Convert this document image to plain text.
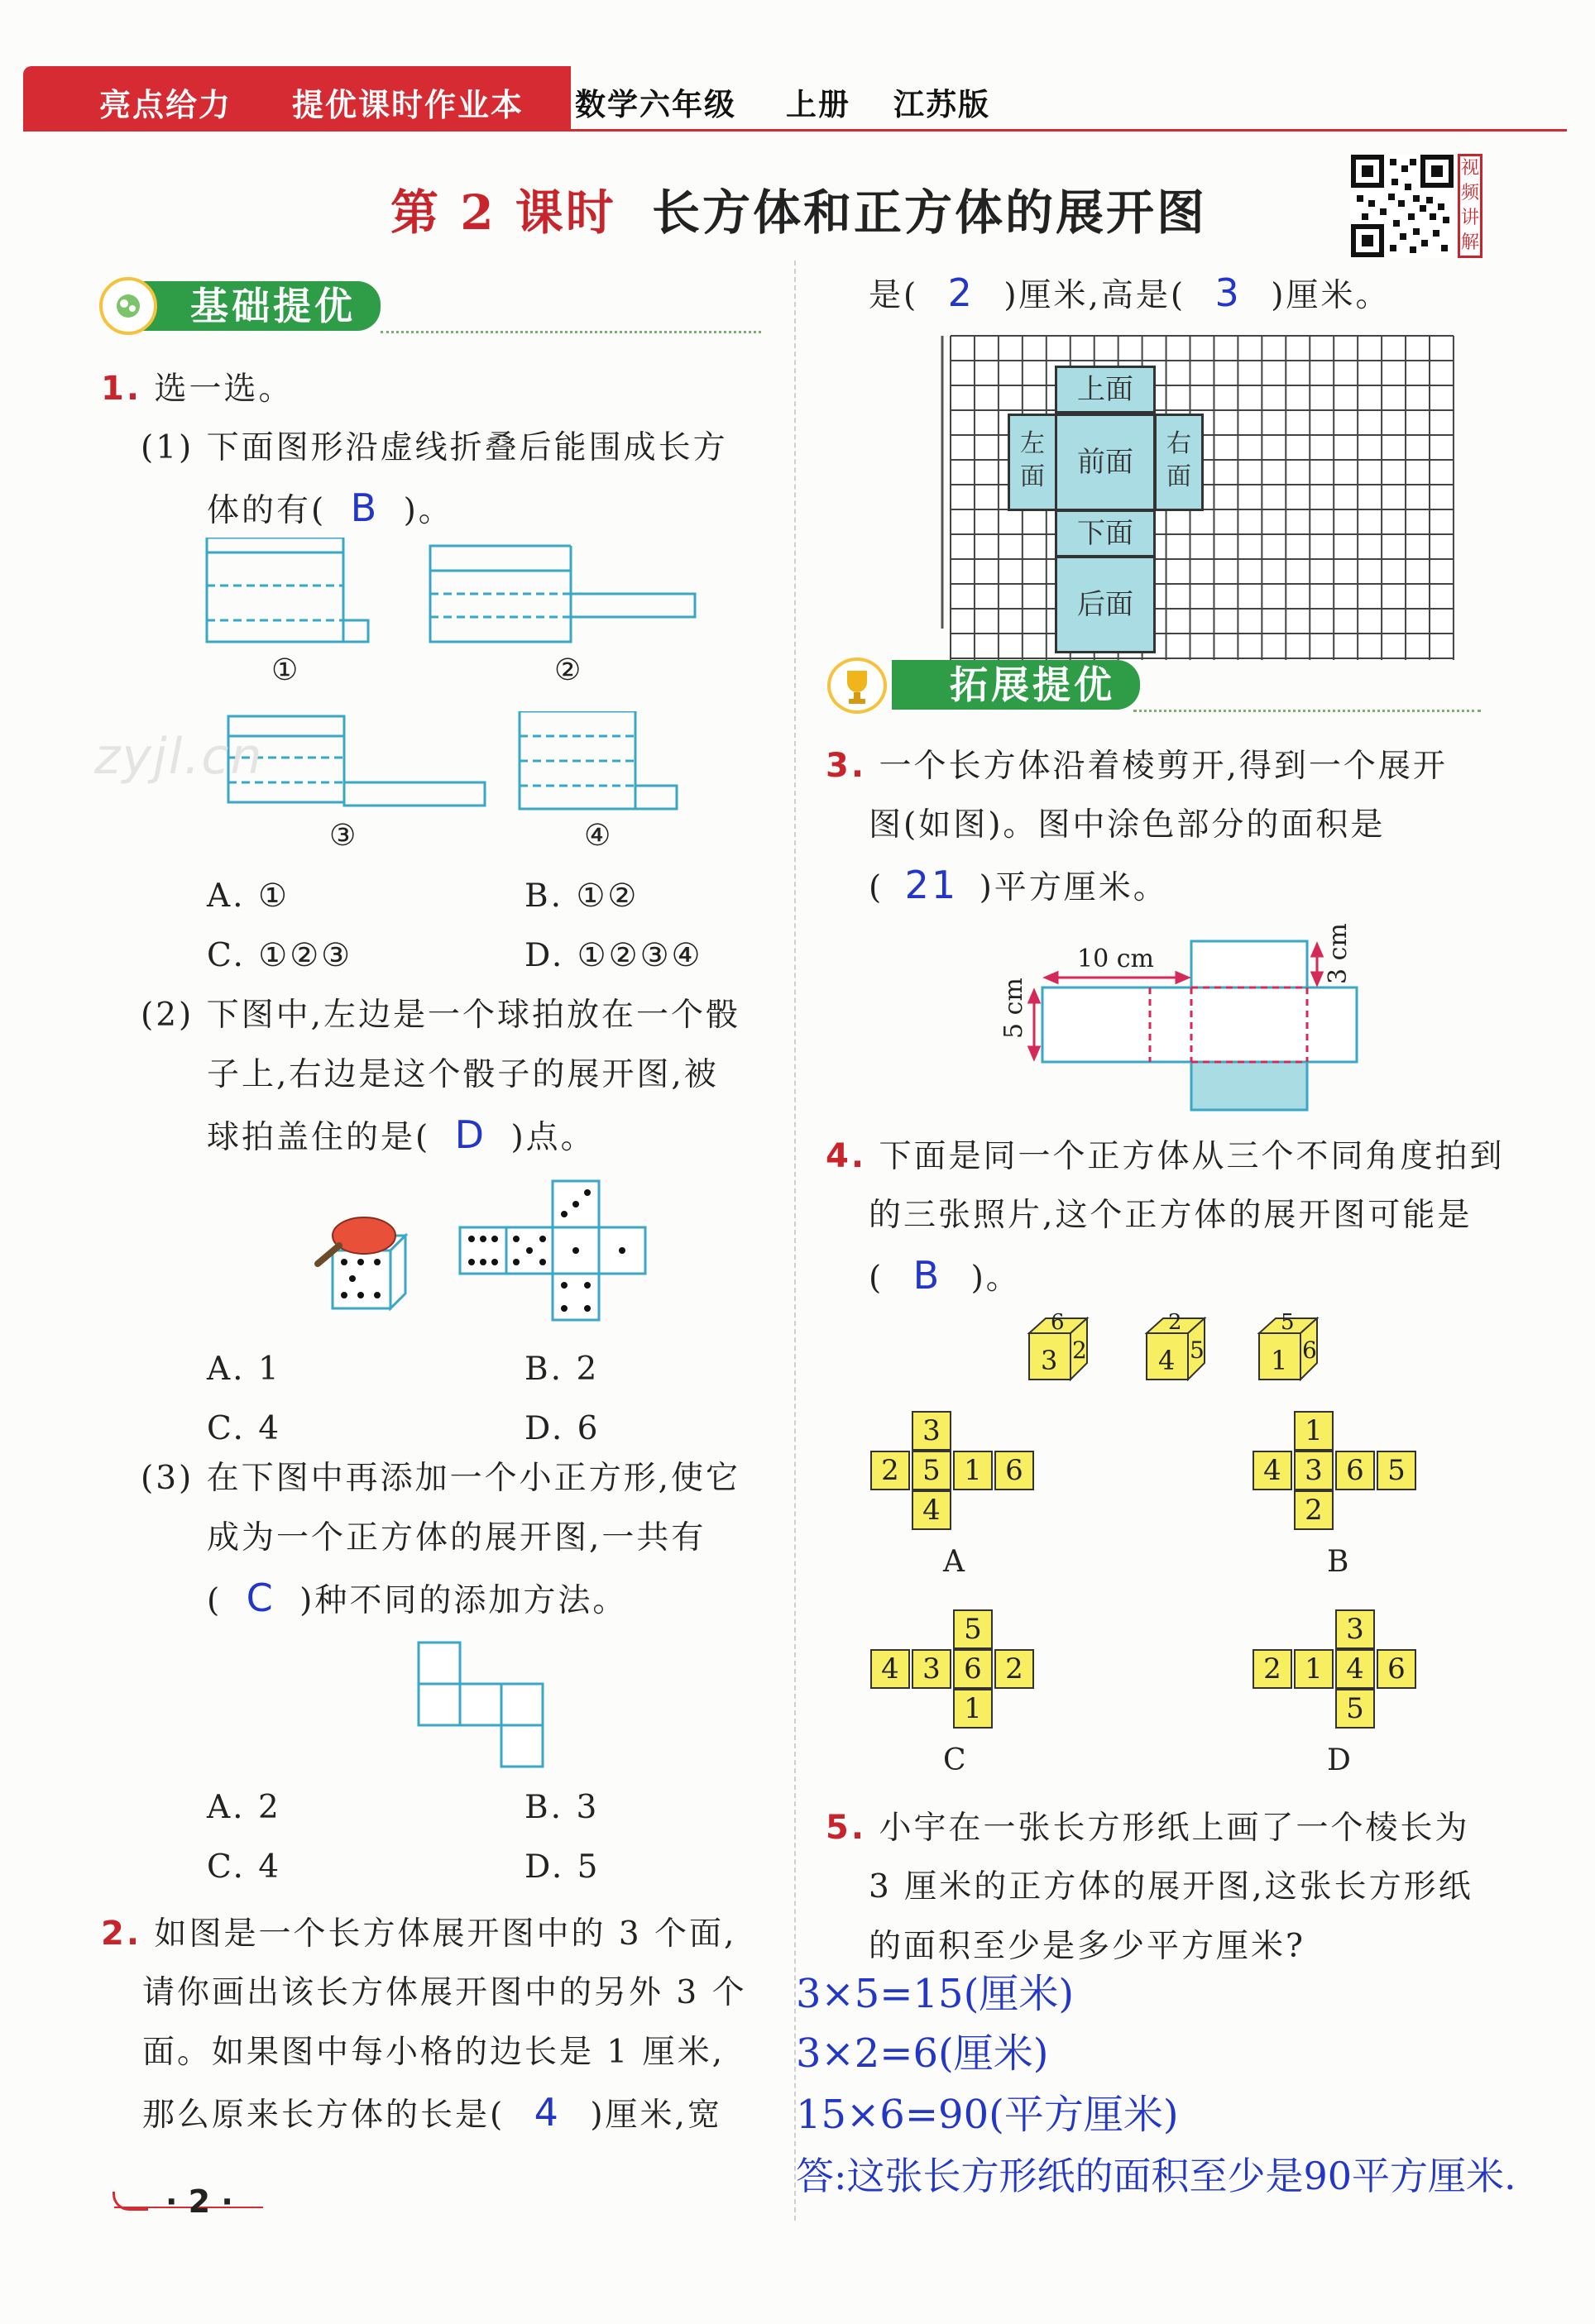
亮点给力 提优课时作业本 数学六年级 上册 江苏版
第 2 课时 长方体和正方体的展开图
视频讲解
基础提优
1. 选一选。
(1) 下面图形沿虚线折叠后能围成长方
体的有( B )。
①	②
zyjl.cn
③	④
A. ①	B. ①②
C. ①②③	D. ①②③④
(2) 下图中,左边是一个球拍放在一个骰
子上,右边是这个骰子的展开图,被
球拍盖住的是( D )点。
A. 1	B. 2
C. 4	D. 6
(3) 在下图中再添加一个小正方形,使它
成为一个正方体的展开图,一共有
( C )种不同的添加方法。
A. 2	B. 3
C. 4	D. 5
2. 如图是一个长方体展开图中的 3 个面,
请你画出该长方体展开图中的另外 3 个
面。如果图中每小格的边长是 1 厘米,
那么原来长方体的长是( 4 )厘米,宽
· 2 ·
是( 2 )厘米,高是( 3 )厘米。
上面
左面	前面
右面
下面
后面
拓展提优
3. 一个长方体沿着棱剪开,得到一个展开
图(如图)。图中涂色部分的面积是
( 21 )平方厘米。
10 cm
5 cm
3 cm
4. 下面是同一个正方体从三个不同角度拍到
的三张照片,这个正方体的展开图可能是
( B )。
6
3 2
2
4 5
5
1 6
3
2 5 1 6
4
A
1
4 3 6 5
2
B
5
4 3 6 2
1
C
3
2 1 4 6
5
D
5. 小宇在一张长方形纸上画了一个棱长为
3 厘米的正方体的展开图,这张长方形纸
的面积至少是多少平方厘米?
3×5=15(厘米)
3×2=6(厘米)
15×6=90(平方厘米)
答:这张长方形纸的面积至少是90平方厘米.
